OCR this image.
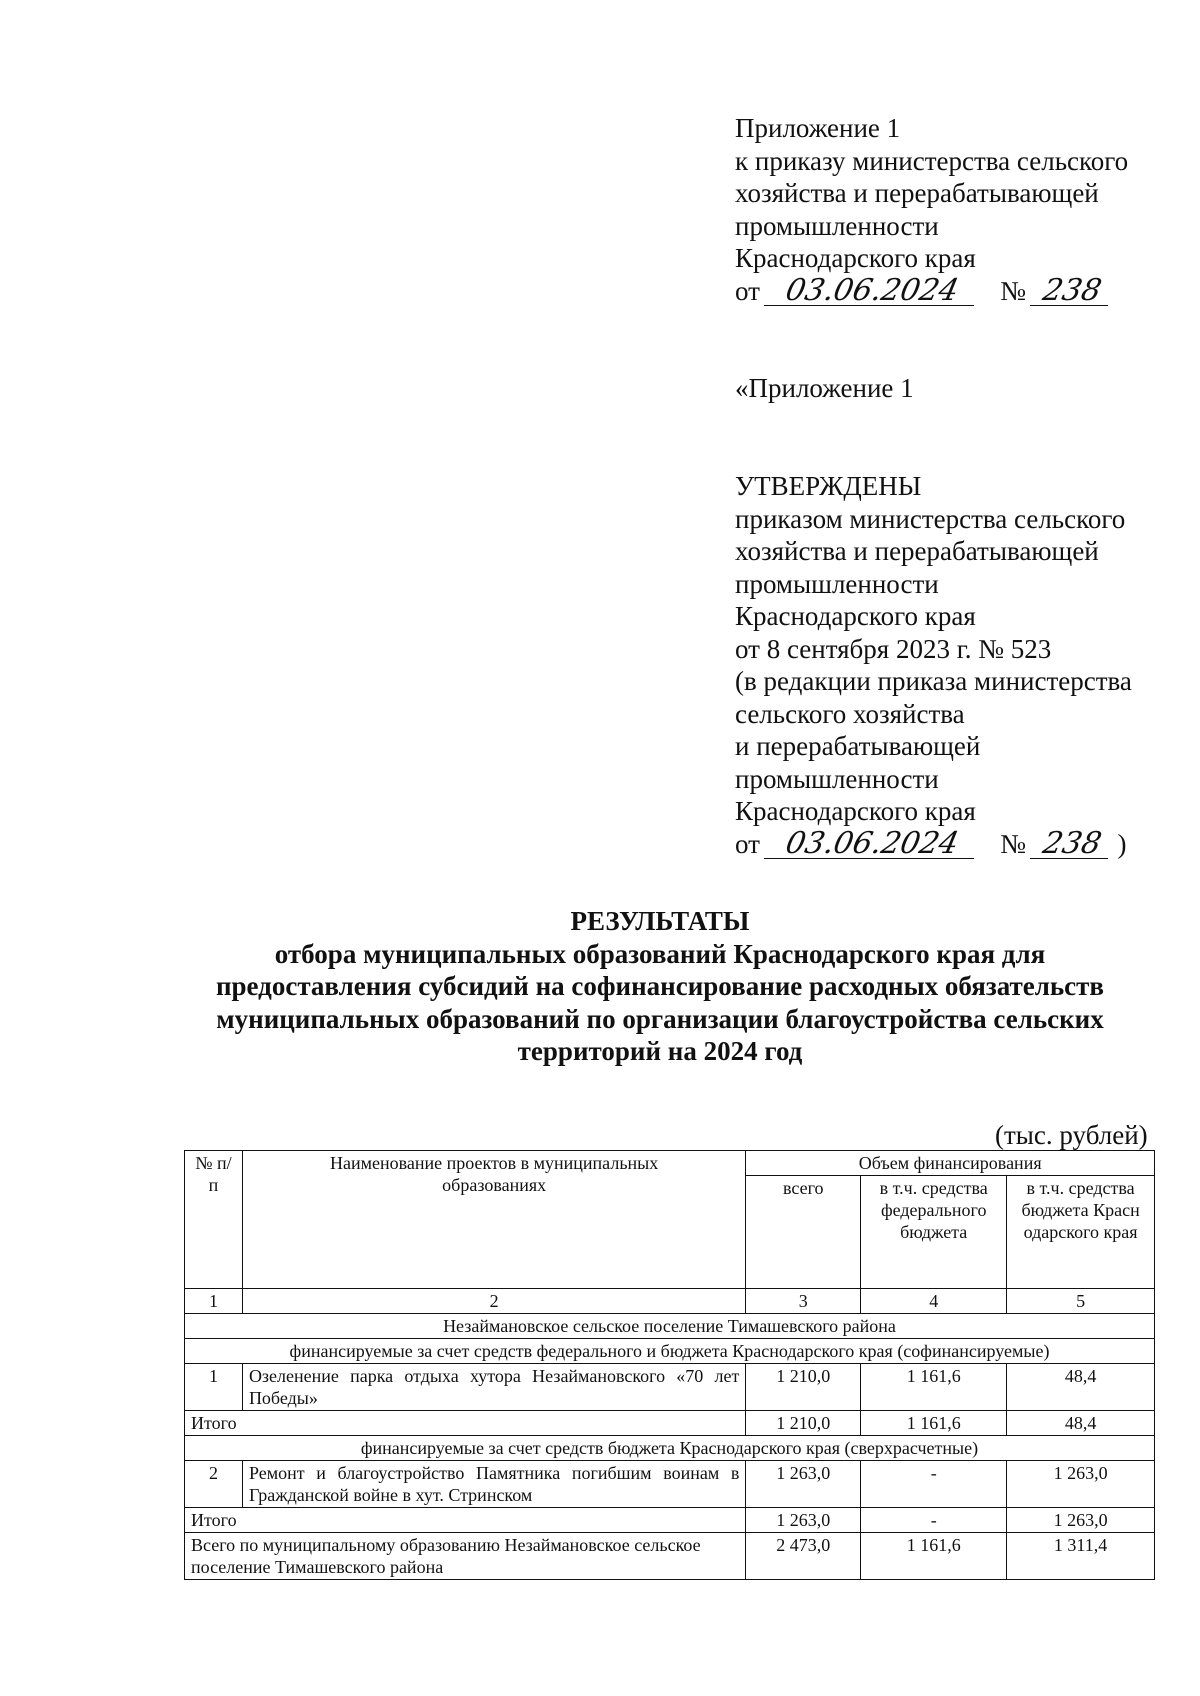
Приложение 1
к приказу министерства сельского
хозяйства и перерабатывающей
промышленности
Краснодарского края
от 03.06.2024 № 238
«Приложение 1
УТВЕРЖДЕНЫ
приказом министерства сельского
хозяйства и перерабатывающей
промышленности
Краснодарского края
от 8 сентября 2023 г. № 523
(в редакции приказа министерства
сельского хозяйства
и перерабатывающей
промышленности
Краснодарского края
от 03.06.2024 № 238 )
РЕЗУЛЬТАТЫ
отбора муниципальных образований Краснодарского края для
предоставления субсидий на софинансирование расходных обязательств
муниципальных образований по организации благоустройства сельских
территорий на 2024 год
(тыс. рублей)
№ п/п	Наименование проектов в муниципальных образованиях	Объем финансирования		
		всего	в т.ч. средства федерального бюджета	в т.ч. средства бюджета Краснодарского края
1	2	3	4	5
Незаймановское сельское поселение Тимашевского района				
финансируемые за счет средств федерального и бюджета Краснодарского края (софинансируемые)				
1	Озеленение парка отдыха хутора Незаймановского «70 лет Победы»	1 210,0	1 161,6	48,4
Итого		1 210,0	1 161,6	48,4
финансируемые за счет средств бюджета Краснодарского края (сверхрасчетные)				
2	Ремонт и благоустройство Памятника погибшим воинам в Гражданской войне в хут. Стринском	1 263,0	-	1 263,0
Итого		1 263,0	-	1 263,0
Всего по муниципальному образованию Незаймановское сельское поселение Тимашевского района		2 473,0	1 161,6	1 311,4
